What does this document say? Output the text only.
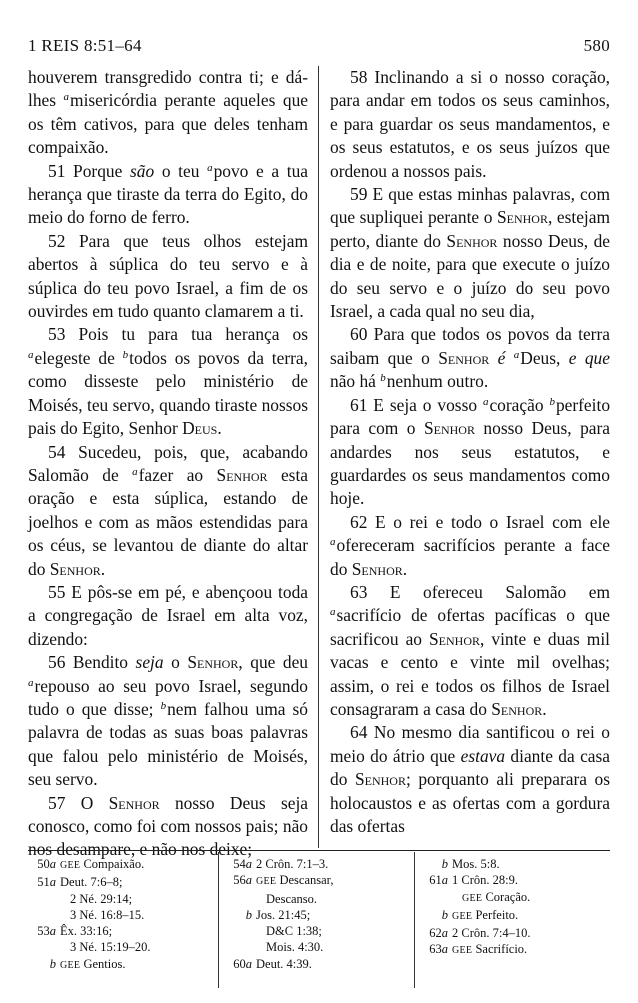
1 REIS 8:51–64	580

houverem transgredido contra ti; e dá-lhes $^a$misericórdia perante aqueles que os têm cativos, para que deles tenham compaixão.

51 Porque são o teu $^a$povo e a tua herança que tiraste da terra do Egito, do meio do forno de ferro.

52 Para que teus olhos estejam abertos à súplica do teu servo e à súplica do teu povo Israel, a fim de os ouvirdes em tudo quanto clamarem a ti.

53 Pois tu para tua herança os $^a$elegeste de $^b$todos os povos da terra, como disseste pelo ministério de Moisés, teu servo, quando tiraste nossos pais do Egito, Senhor Deus.

54 Sucedeu, pois, que, acabando Salomão de $^a$fazer ao Senhor esta oração e esta súplica, estando de joelhos e com as mãos estendidas para os céus, se levantou de diante do altar do Senhor.

55 E pôs-se em pé, e abençoou toda a congregação de Israel em alta voz, dizendo:

56 Bendito seja o Senhor, que deu $^a$repouso ao seu povo Israel, segundo tudo o que disse; $^b$nem falhou uma só palavra de todas as suas boas palavras que falou pelo ministério de Moisés, seu servo.

57 O Senhor nosso Deus seja conosco, como foi com nossos pais; não nos desampare, e não nos deixe;

58 Inclinando a si o nosso coração, para andar em todos os seus caminhos, e para guardar os seus mandamentos, e os seus estatutos, e os seus juízos que ordenou a nossos pais.

59 E que estas minhas palavras, com que supliquei perante o Senhor, estejam perto, diante do Senhor nosso Deus, de dia e de noite, para que execute o juízo do seu servo e o juízo do seu povo Israel, a cada qual no seu dia,

60 Para que todos os povos da terra saibam que o Senhor é $^a$Deus, e que não há $^b$nenhum outro.

61 E seja o vosso $^a$coração $^b$perfeito para com o Senhor nosso Deus, para andardes nos seus estatutos, e guardardes os seus mandamentos como hoje.

62 E o rei e todo o Israel com ele $^a$ofereceram sacrifícios perante a face do Senhor.

63 E ofereceu Salomão em $^a$sacrifício de ofertas pacíficas o que sacrificou ao Senhor, vinte e duas mil vacas e cento e vinte mil ovelhas; assim, o rei e todos os filhos de Israel consagraram a casa do Senhor.

64 No mesmo dia santificou o rei o meio do átrio que estava diante da casa do Senhor; porquanto ali preparara os holocaustos e as ofertas com a gordura das ofertas

50a GEE Compaixão.
51a Deut. 7:6–8;
2 Né. 29:14;
3 Né. 16:8–15.
53a Êx. 33:16;
3 Né. 15:19–20.
b GEE Gentios.
54a 2 Crôn. 7:1–3.
56a GEE Descansar,
Descanso.
b Jos. 21:45;
D&C 1:38;
Mois. 4:30.
60a Deut. 4:39.
b Mos. 5:8.
61a 1 Crôn. 28:9.
GEE Coração.
b GEE Perfeito.
62a 2 Crôn. 7:4–10.
63a GEE Sacrifício.
